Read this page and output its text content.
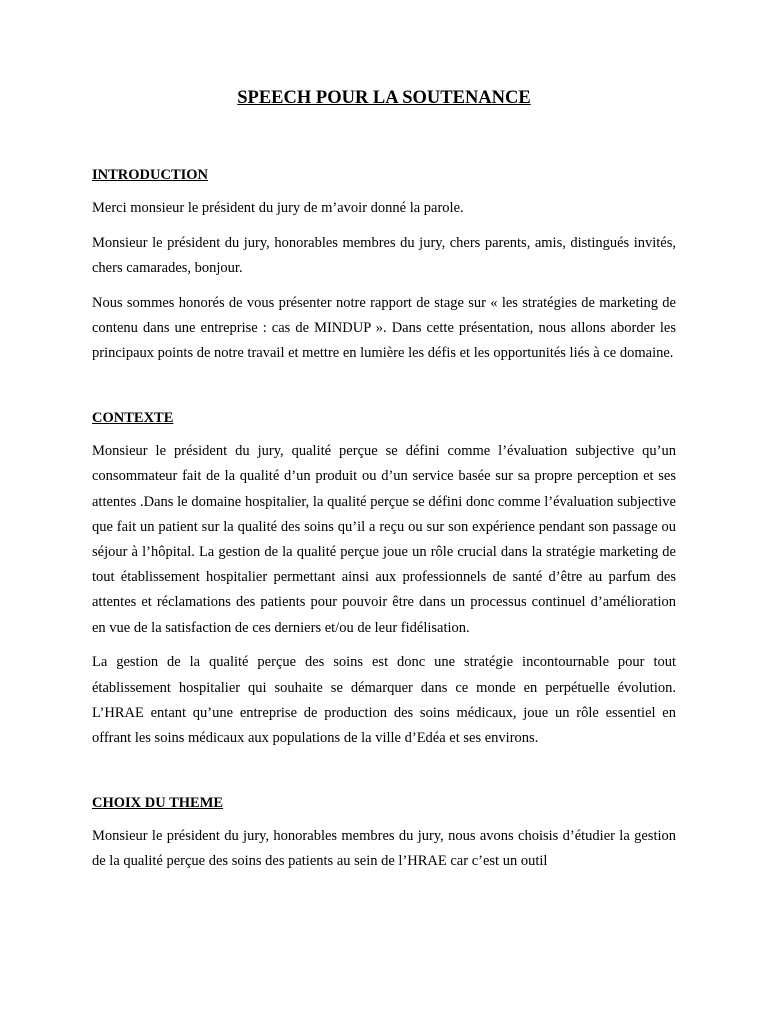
SPEECH POUR LA SOUTENANCE
INTRODUCTION

Merci monsieur le président du jury de m’avoir donné la parole.

Monsieur le président du jury, honorables membres du jury, chers parents, amis, distingués invités, chers camarades, bonjour.

Nous sommes honorés de vous présenter notre rapport de stage sur « les stratégies de marketing de contenu dans une entreprise : cas de MINDUP ». Dans cette présentation, nous allons aborder les principaux points de notre travail et mettre en lumière les défis et les opportunités liés à ce domaine.

CONTEXTE

Monsieur le président du jury, qualité perçue se défini comme l’évaluation subjective qu’un consommateur fait de la qualité d’un produit ou d’un service basée sur sa propre perception et ses attentes .Dans le domaine hospitalier, la qualité perçue se défini donc comme l’évaluation subjective que fait un patient sur la qualité des soins qu’il a reçu ou sur son expérience pendant son passage ou séjour à l’hôpital. La gestion de la qualité perçue joue un rôle crucial dans la stratégie marketing de tout établissement hospitalier permettant ainsi aux professionnels de santé d’être au parfum des attentes et réclamations des patients pour pouvoir être dans un processus continuel d’amélioration en vue de la satisfaction de ces derniers et/ou de leur fidélisation.

La gestion de la qualité perçue des soins est donc une stratégie incontournable pour tout établissement hospitalier qui souhaite se démarquer dans ce monde en perpétuelle évolution. L’HRAE entant qu’une entreprise de production des soins médicaux, joue un rôle essentiel en offrant les soins médicaux aux populations de la ville d’Edéa et ses environs.

CHOIX DU THEME

Monsieur le président du jury, honorables membres du jury, nous avons choisis d’étudier la gestion de la qualité perçue des soins des patients au sein de l’HRAE car c’est un outil
